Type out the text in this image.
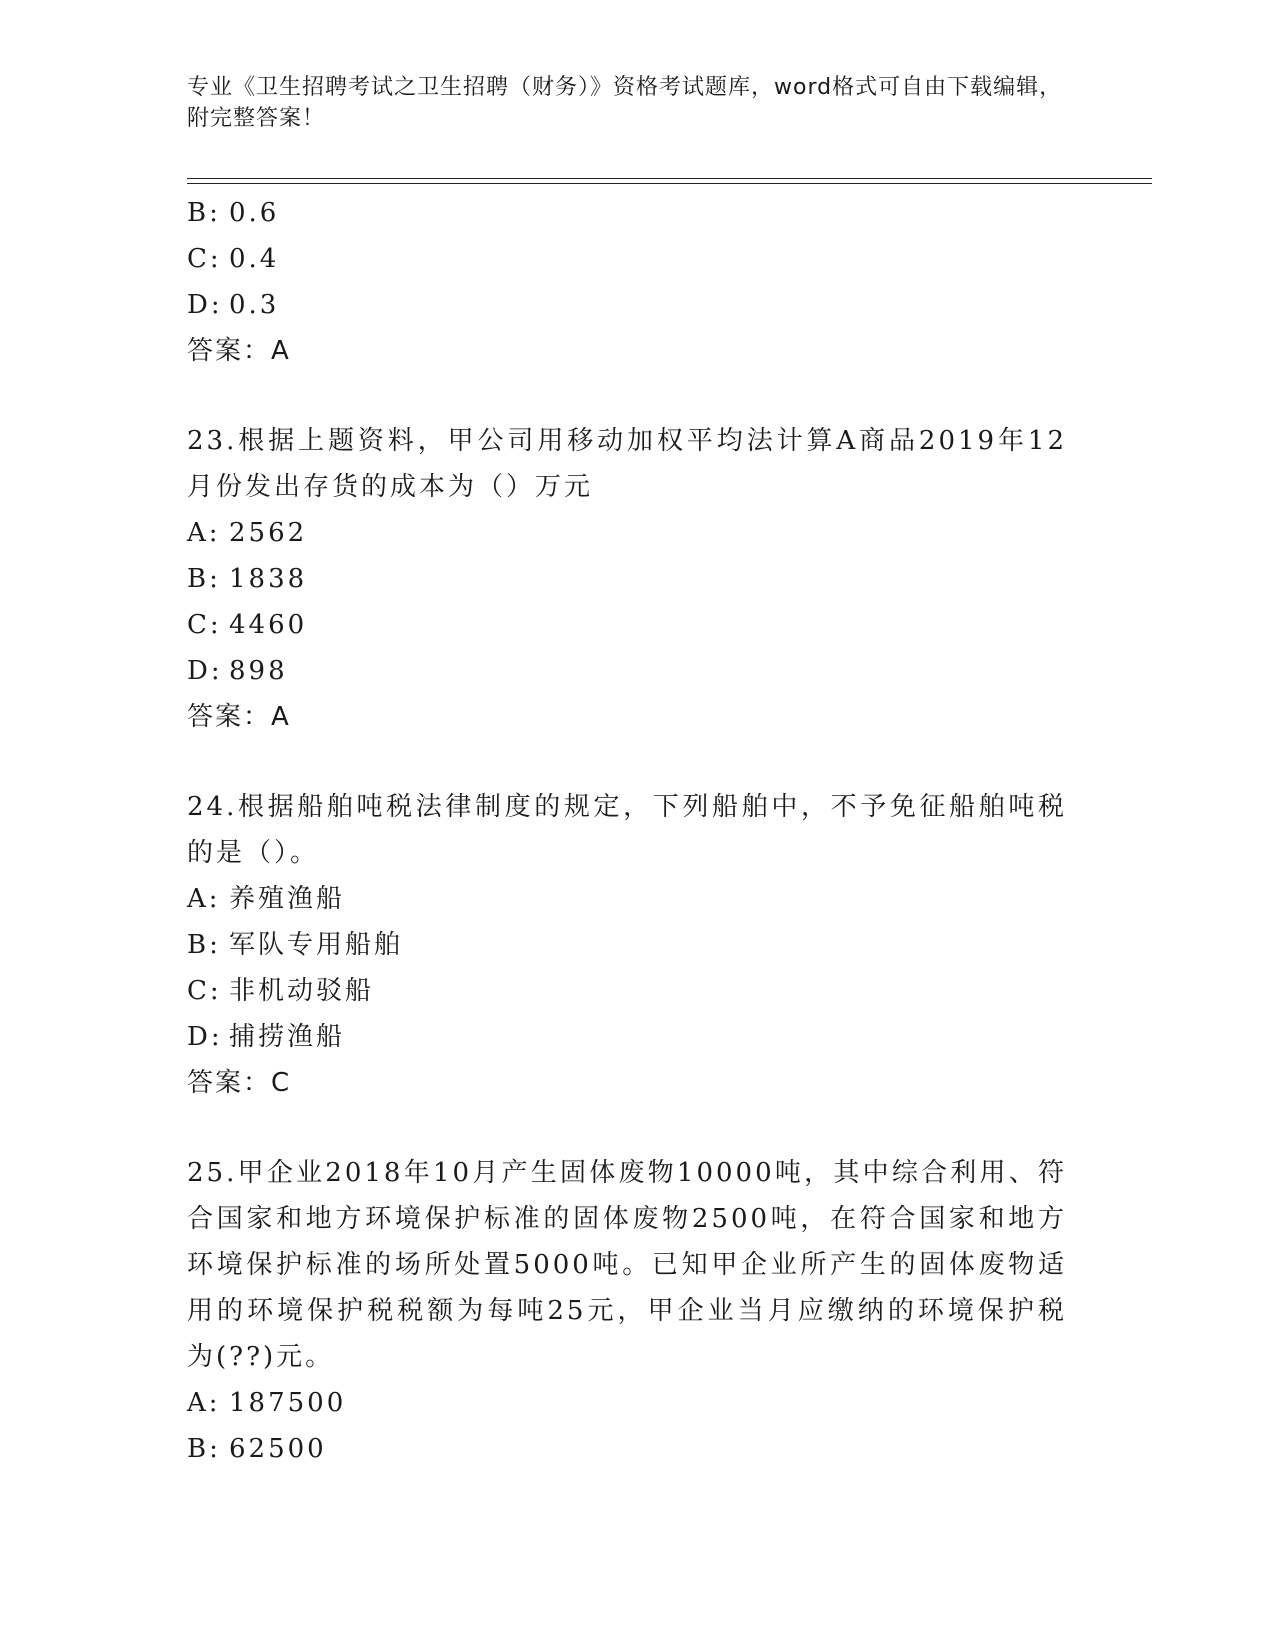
专业《卫生招聘考试之卫生招聘（财务）》资格考试题库，word格式可自由下载编辑，附完整答案！
B: 0.6
C: 0.4
D: 0.3
答案：A
23.根据上题资料，甲公司用移动加权平均法计算A商品2019年12月份发出存货的成本为（）万元
A: 2562
B: 1838
C: 4460
D: 898
答案：A
24.根据船舶吨税法律制度的规定，下列船舶中，不予免征船舶吨税的是（）。
A: 养殖渔船
B: 军队专用船舶
C: 非机动驳船
D: 捕捞渔船
答案：C
25.甲企业2018年10月产生固体废物10000吨，其中综合利用、符合国家和地方环境保护标准的固体废物2500吨，在符合国家和地方环境保护标准的场所处置5000吨。已知甲企业所产生的固体废物适用的环境保护税税额为每吨25元，甲企业当月应缴纳的环境保护税为(??)元。
A: 187500
B: 62500
